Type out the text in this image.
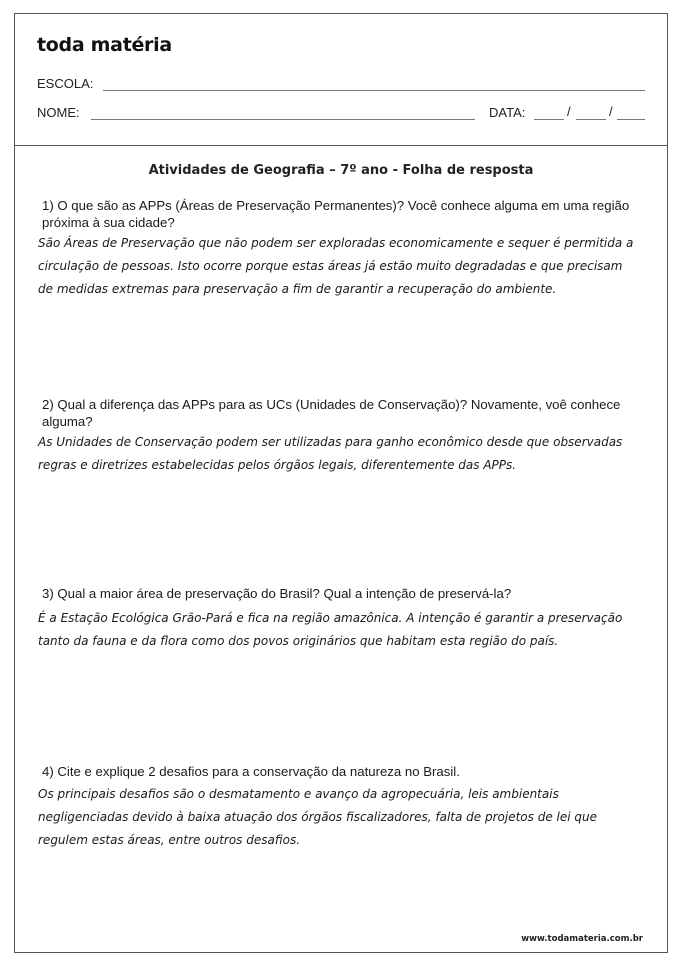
toda matéria
ESCOLA:
NOME:	DATA:	/	/
Atividades de Geografia – 7º ano - Folha de resposta
1) O que são as APPs (Áreas de Preservação Permanentes)? Você conhece alguma em uma região próxima à sua cidade?
São Áreas de Preservação que não podem ser exploradas economicamente e sequer é permitida a circulação de pessoas. Isto ocorre porque estas áreas já estão muito degradadas e que precisam de medidas extremas para preservação a fim de garantir a recuperação do ambiente.
2) Qual a diferença das APPs para as UCs (Unidades de Conservação)? Novamente, voê conhece alguma?
As Unidades de Conservação podem ser utilizadas para ganho econômico desde que observadas regras e diretrizes estabelecidas pelos órgãos legais, diferentemente das APPs.
3) Qual a maior área de preservação do Brasil? Qual a intenção de preservá-la?
É a Estação Ecológica Grão-Pará e fica na região amazônica. A intenção é garantir a preservação tanto da fauna e da flora como dos povos originários que habitam esta região do país.
4) Cite e explique 2 desafios para a conservação da natureza no Brasil.
Os principais desafios são o desmatamento e avanço da agropecuária, leis ambientais negligenciadas devido à baixa atuação dos órgãos fiscalizadores, falta de projetos de lei que regulem estas áreas, entre outros desafios.
www.todamateria.com.br
